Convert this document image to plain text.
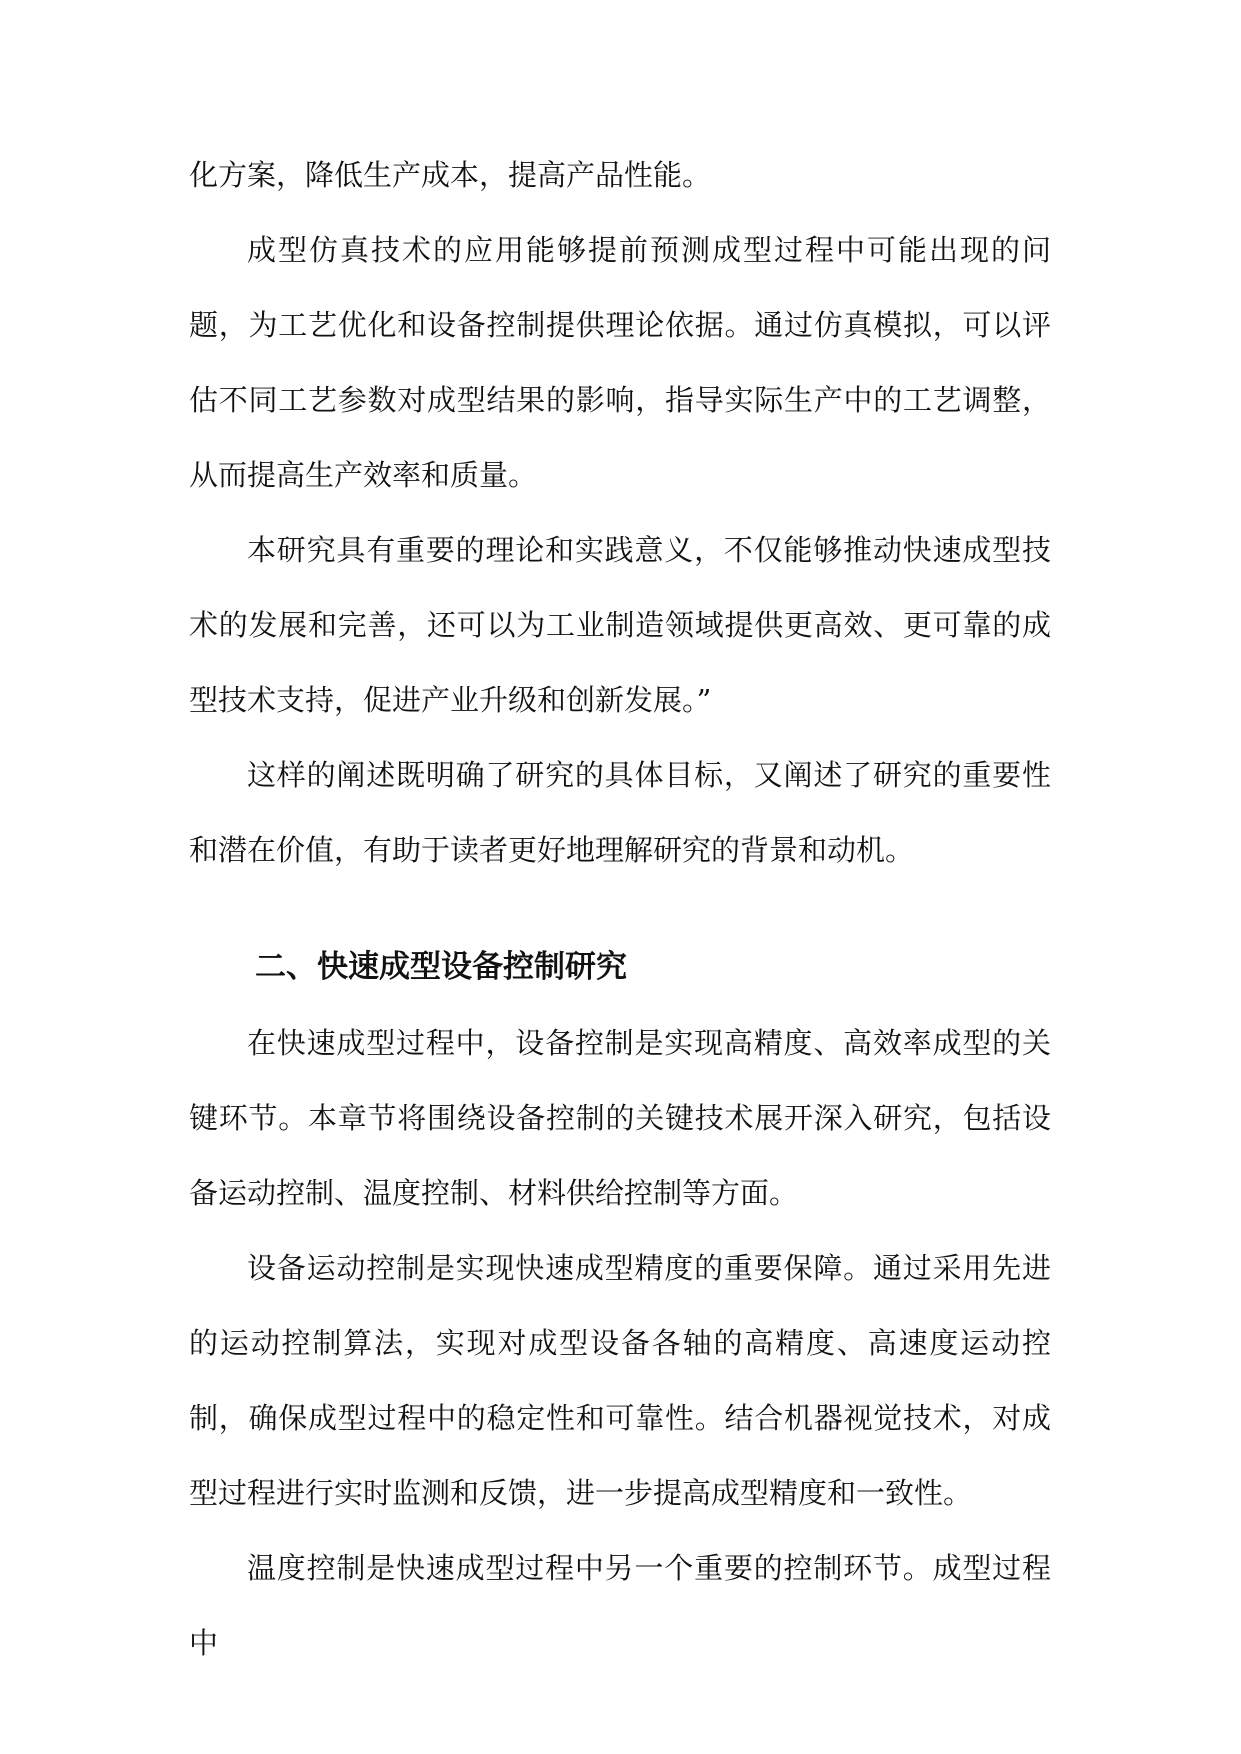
化方案，降低生产成本，提高产品性能。

成型仿真技术的应用能够提前预测成型过程中可能出现的问题，为工艺优化和设备控制提供理论依据。通过仿真模拟，可以评估不同工艺参数对成型结果的影响，指导实际生产中的工艺调整，从而提高生产效率和质量。

本研究具有重要的理论和实践意义，不仅能够推动快速成型技术的发展和完善，还可以为工业制造领域提供更高效、更可靠的成型技术支持，促进产业升级和创新发展。”

这样的阐述既明确了研究的具体目标，又阐述了研究的重要性和潜在价值，有助于读者更好地理解研究的背景和动机。

二、快速成型设备控制研究

在快速成型过程中，设备控制是实现高精度、高效率成型的关键环节。本章节将围绕设备控制的关键技术展开深入研究，包括设备运动控制、温度控制、材料供给控制等方面。

设备运动控制是实现快速成型精度的重要保障。通过采用先进的运动控制算法，实现对成型设备各轴的高精度、高速度运动控制，确保成型过程中的稳定性和可靠性。结合机器视觉技术，对成型过程进行实时监测和反馈，进一步提高成型精度和一致性。

温度控制是快速成型过程中另一个重要的控制环节。成型过程中
